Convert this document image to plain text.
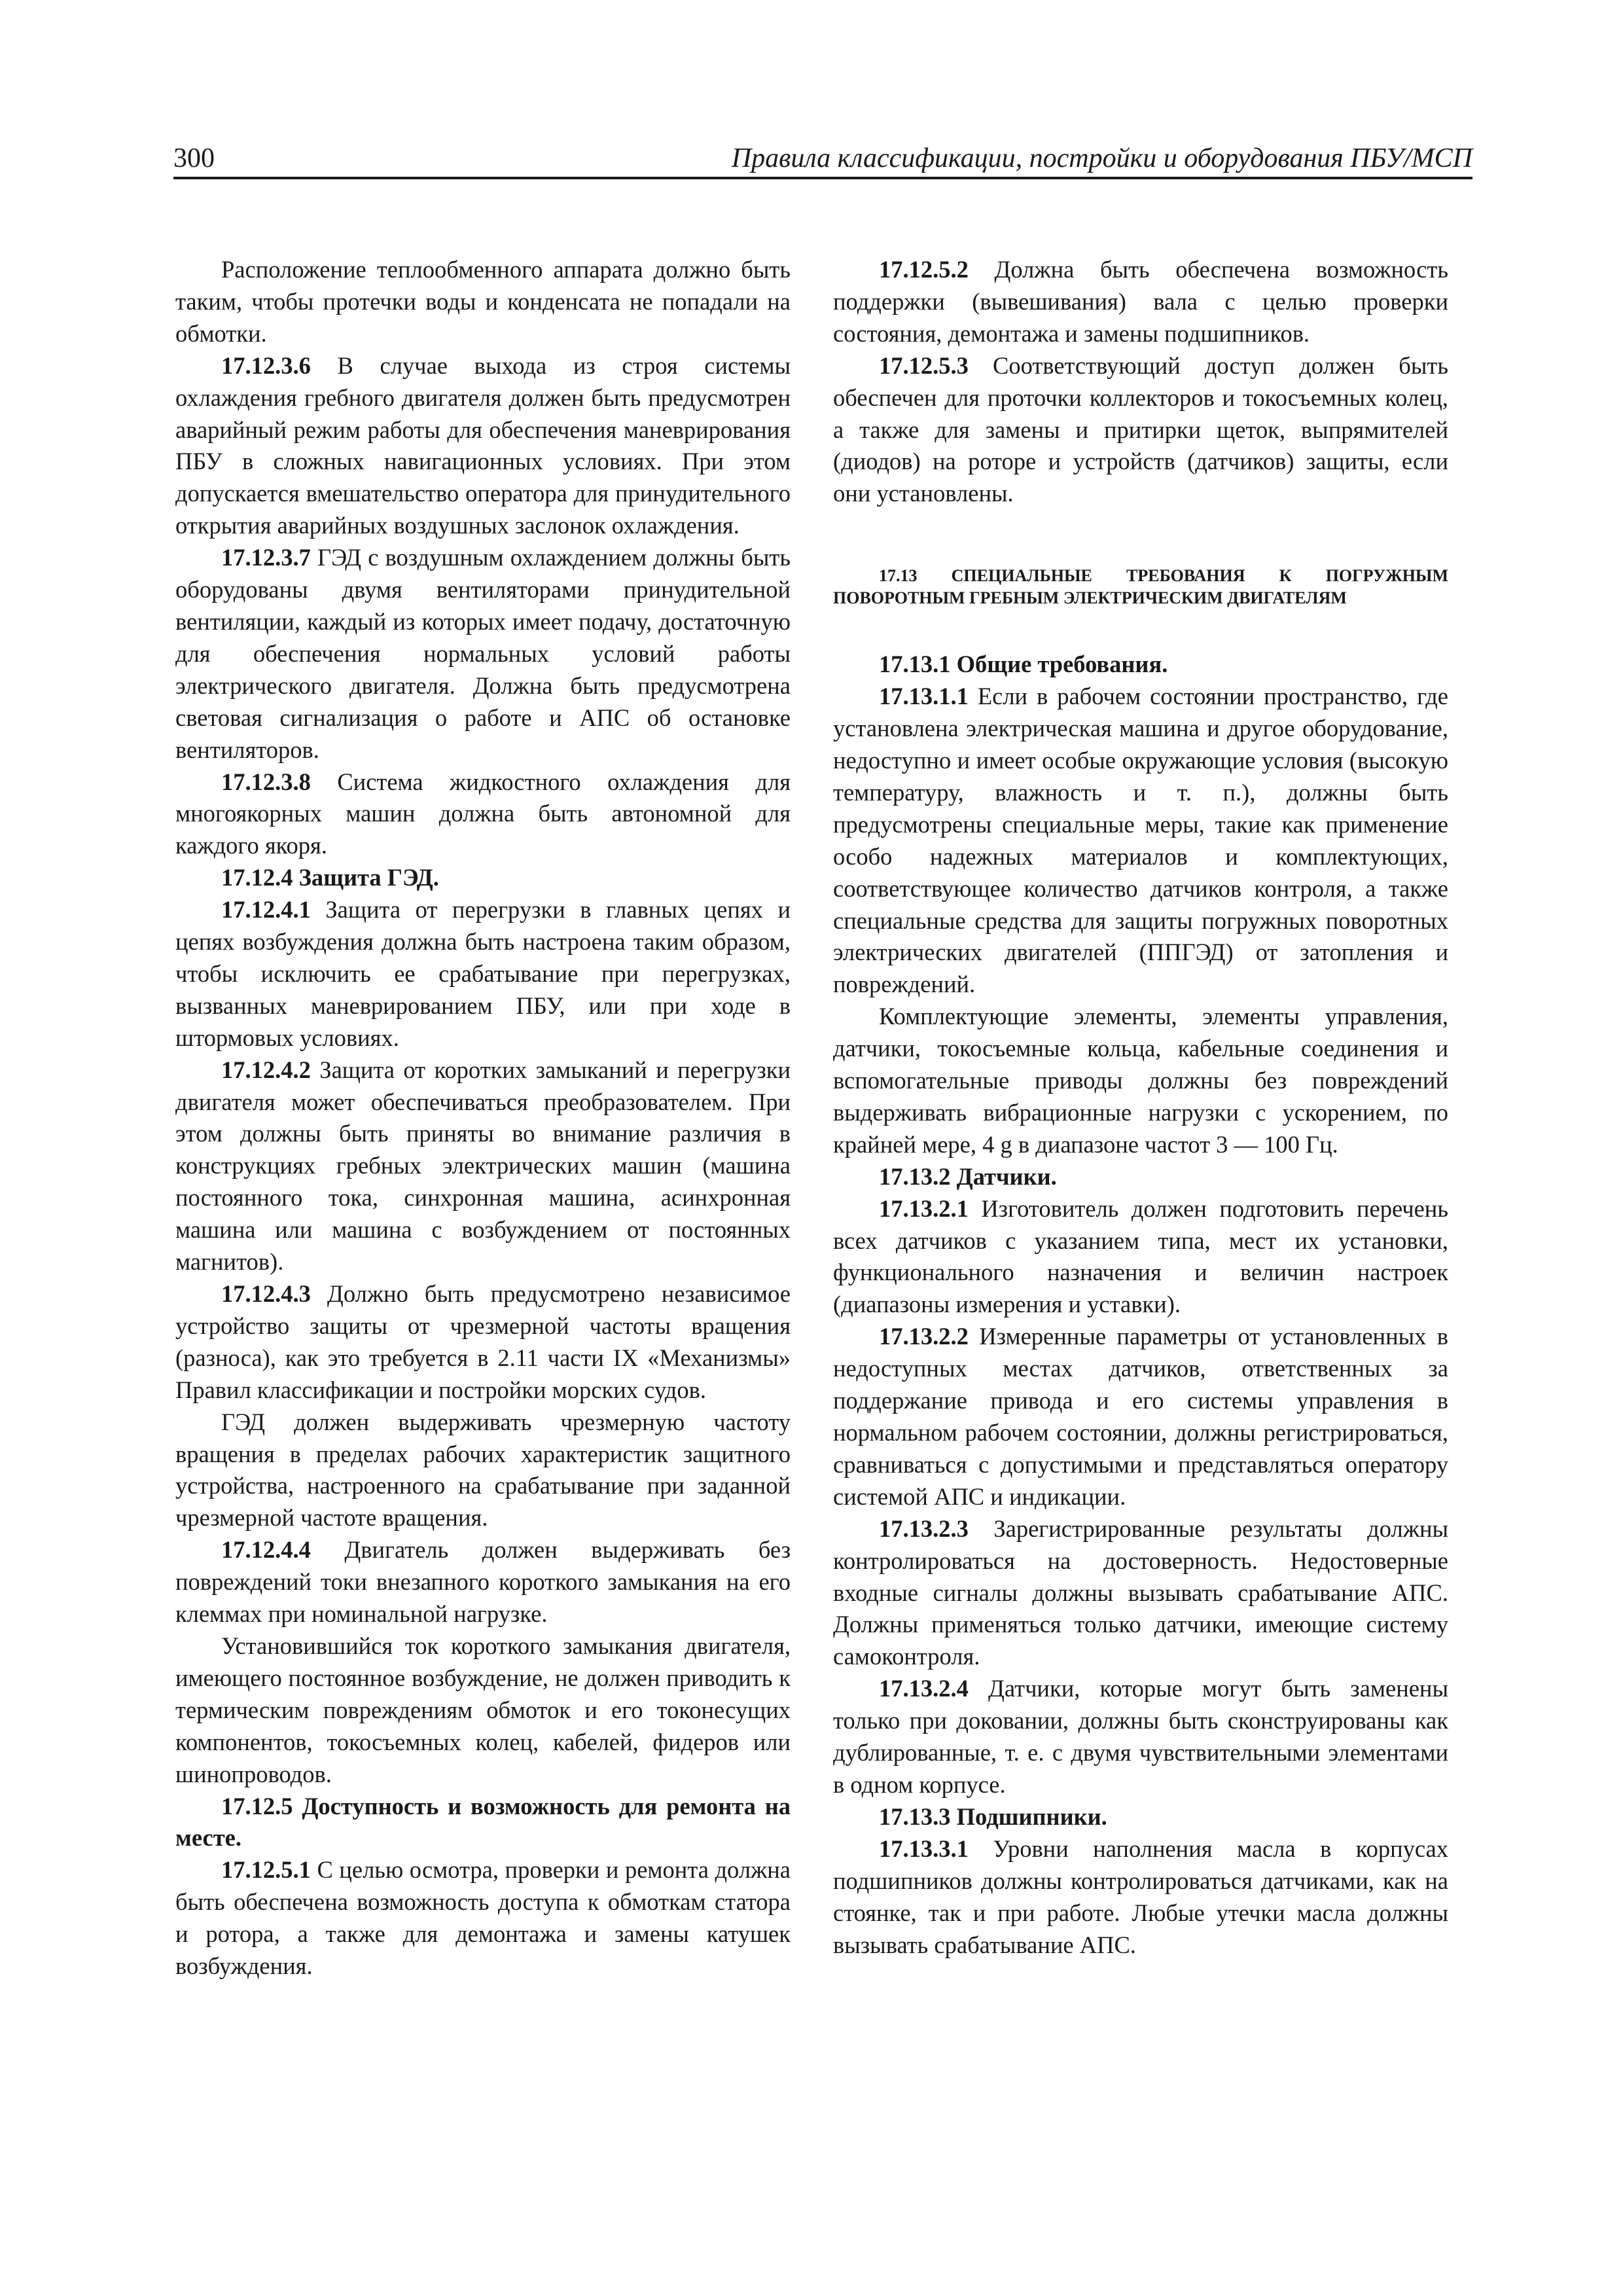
300	Правила классификации, постройки и оборудования ПБУ/МСП

Расположение теплообменного аппарата должно быть таким, чтобы протечки воды и конденсата не попадали на обмотки.

17.12.3.6 В случае выхода из строя системы охлаждения гребного двигателя должен быть предусмотрен аварийный режим работы для обеспечения маневрирования ПБУ в сложных навигационных условиях. При этом допускается вмешательство оператора для принудительного открытия аварийных воздушных заслонок охлаждения.

17.12.3.7 ГЭД с воздушным охлаждением должны быть оборудованы двумя вентиляторами принудительной вентиляции, каждый из которых имеет подачу, достаточную для обеспечения нормальных условий работы электрического двигателя. Должна быть предусмотрена световая сигнализация о работе и АПС об остановке вентиляторов.

17.12.3.8 Система жидкостного охлаждения для многоякорных машин должна быть автономной для каждого якоря.

17.12.4 Защита ГЭД.

17.12.4.1 Защита от перегрузки в главных цепях и цепях возбуждения должна быть настроена таким образом, чтобы исключить ее срабатывание при перегрузках, вызванных маневрированием ПБУ, или при ходе в штормовых условиях.

17.12.4.2 Защита от коротких замыканий и перегрузки двигателя может обеспечиваться преобразователем. При этом должны быть приняты во внимание различия в конструкциях гребных электрических машин (машина постоянного тока, синхронная машина, асинхронная машина или машина с возбуждением от постоянных магнитов).

17.12.4.3 Должно быть предусмотрено независимое устройство защиты от чрезмерной частоты вращения (разноса), как это требуется в 2.11 части IX «Механизмы» Правил классификации и постройки морских судов.

ГЭД должен выдерживать чрезмерную частоту вращения в пределах рабочих характеристик защитного устройства, настроенного на срабатывание при заданной чрезмерной частоте вращения.

17.12.4.4 Двигатель должен выдерживать без повреждений токи внезапного короткого замыкания на его клеммах при номинальной нагрузке.

Установившийся ток короткого замыкания двигателя, имеющего постоянное возбуждение, не должен приводить к термическим повреждениям обмоток и его токонесущих компонентов, токосъемных колец, кабелей, фидеров или шинопроводов.

17.12.5 Доступность и возможность для ремонта на месте.

17.12.5.1 С целью осмотра, проверки и ремонта должна быть обеспечена возможность доступа к обмоткам статора и ротора, а также для демонтажа и замены катушек возбуждения.

17.12.5.2 Должна быть обеспечена возможность поддержки (вывешивания) вала с целью проверки состояния, демонтажа и замены подшипников.

17.12.5.3 Соответствующий доступ должен быть обеспечен для проточки коллекторов и токосъемных колец, а также для замены и притирки щеток, выпрямителей (диодов) на роторе и устройств (датчиков) защиты, если они установлены.

17.13 СПЕЦИАЛЬНЫЕ ТРЕБОВАНИЯ К ПОГРУЖНЫМ ПОВОРОТНЫМ ГРЕБНЫМ ЭЛЕКТРИЧЕСКИМ ДВИГАТЕЛЯМ

17.13.1 Общие требования.

17.13.1.1 Если в рабочем состоянии пространство, где установлена электрическая машина и другое оборудование, недоступно и имеет особые окружающие условия (высокую температуру, влажность и т. п.), должны быть предусмотрены специальные меры, такие как применение особо надежных материалов и комплектующих, соответствующее количество датчиков контроля, а также специальные средства для защиты погружных поворотных электрических двигателей (ППГЭД) от затопления и повреждений.

Комплектующие элементы, элементы управления, датчики, токосъемные кольца, кабельные соединения и вспомогательные приводы должны без повреждений выдерживать вибрационные нагрузки с ускорением, по крайней мере, 4 g в диапазоне частот 3 — 100 Гц.

17.13.2 Датчики.

17.13.2.1 Изготовитель должен подготовить перечень всех датчиков с указанием типа, мест их установки, функционального назначения и величин настроек (диапазоны измерения и уставки).

17.13.2.2 Измеренные параметры от установленных в недоступных местах датчиков, ответственных за поддержание привода и его системы управления в нормальном рабочем состоянии, должны регистрироваться, сравниваться с допустимыми и представляться оператору системой АПС и индикации.

17.13.2.3 Зарегистрированные результаты должны контролироваться на достоверность. Недостоверные входные сигналы должны вызывать срабатывание АПС. Должны применяться только датчики, имеющие систему самоконтроля.

17.13.2.4 Датчики, которые могут быть заменены только при доковании, должны быть сконструированы как дублированные, т. е. с двумя чувствительными элементами в одном корпусе.

17.13.3 Подшипники.

17.13.3.1 Уровни наполнения масла в корпусах подшипников должны контролироваться датчиками, как на стоянке, так и при работе. Любые утечки масла должны вызывать срабатывание АПС.
